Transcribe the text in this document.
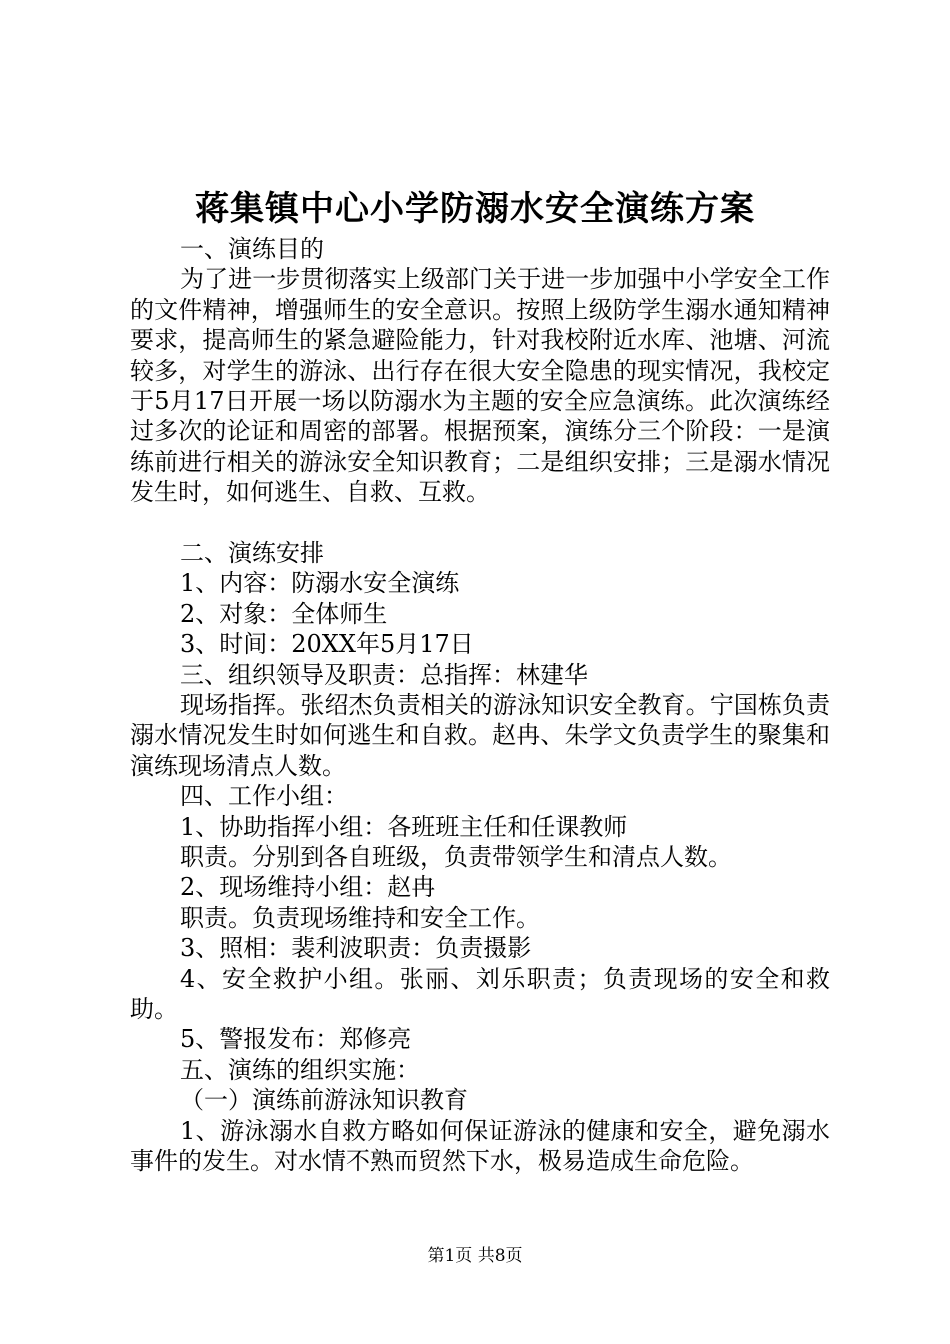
蒋集镇中心小学防溺水安全演练方案
一、演练目的
为了进一步贯彻落实上级部门关于进一步加强中小学安全工作的文件精神，增强师生的安全意识。按照上级防学生溺水通知精神要求，提高师生的紧急避险能力，针对我校附近水库、池塘、河流较多，对学生的游泳、出行存在很大安全隐患的现实情况，我校定于5月17日开展一场以防溺水为主题的安全应急演练。此次演练经过多次的论证和周密的部署。根据预案，演练分三个阶段：一是演练前进行相关的游泳安全知识教育；二是组织安排；三是溺水情况发生时，如何逃生、自救、互救。
二、演练安排
1、内容：防溺水安全演练
2、对象：全体师生
3、时间：20XX年5月17日
三、组织领导及职责：总指挥：林建华
现场指挥。张绍杰负责相关的游泳知识安全教育。宁国栋负责溺水情况发生时如何逃生和自救。赵冉、朱学文负责学生的聚集和演练现场清点人数。
四、工作小组：
1、协助指挥小组：各班班主任和任课教师
职责。分别到各自班级，负责带领学生和清点人数。
2、现场维持小组：赵冉
职责。负责现场维持和安全工作。
3、照相：裴利波职责：负责摄影
4、安全救护小组。张丽、刘乐职责；负责现场的安全和救助。
5、警报发布：郑修亮
五、演练的组织实施：
（一）演练前游泳知识教育
1、游泳溺水自救方略如何保证游泳的健康和安全，避免溺水事件的发生。对水情不熟而贸然下水，极易造成生命危险。
第1页 共8页
